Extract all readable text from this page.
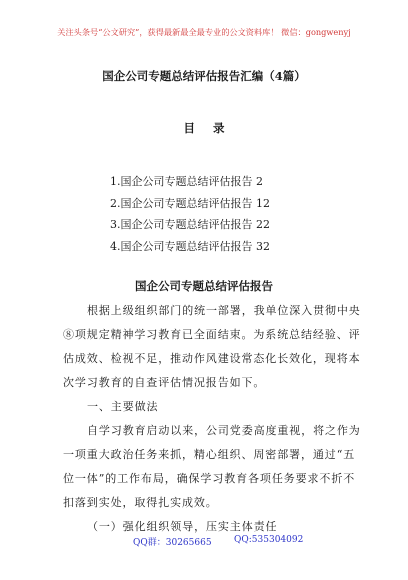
关注头条号“公文研究”，获得最新最全最专业的公文资料库！ 微信：gongwenyj
国企公司专题总结评估报告汇编（4篇）
目 录
1.国企公司专题总结评估报告 2
2.国企公司专题总结评估报告 12
3.国企公司专题总结评估报告 22
4.国企公司专题总结评估报告 32
国企公司专题总结评估报告
根据上级组织部门的统一部署，我单位深入贯彻中央
⑧项规定精神学习教育已全面结束。为系统总结经验、评
估成效、检视不足，推动作风建设常态化长效化，现将本
次学习教育的自查评估情况报告如下。
一、主要做法
自学习教育启动以来，公司党委高度重视，将之作为
一项重大政治任务来抓，精心组织、周密部署，通过“五
位一体”的工作布局，确保学习教育各项任务要求不折不
扣落到实处，取得扎实成效。
（一）强化组织领导，压实主体责任
QQ群：30265665 QQ:535304092
